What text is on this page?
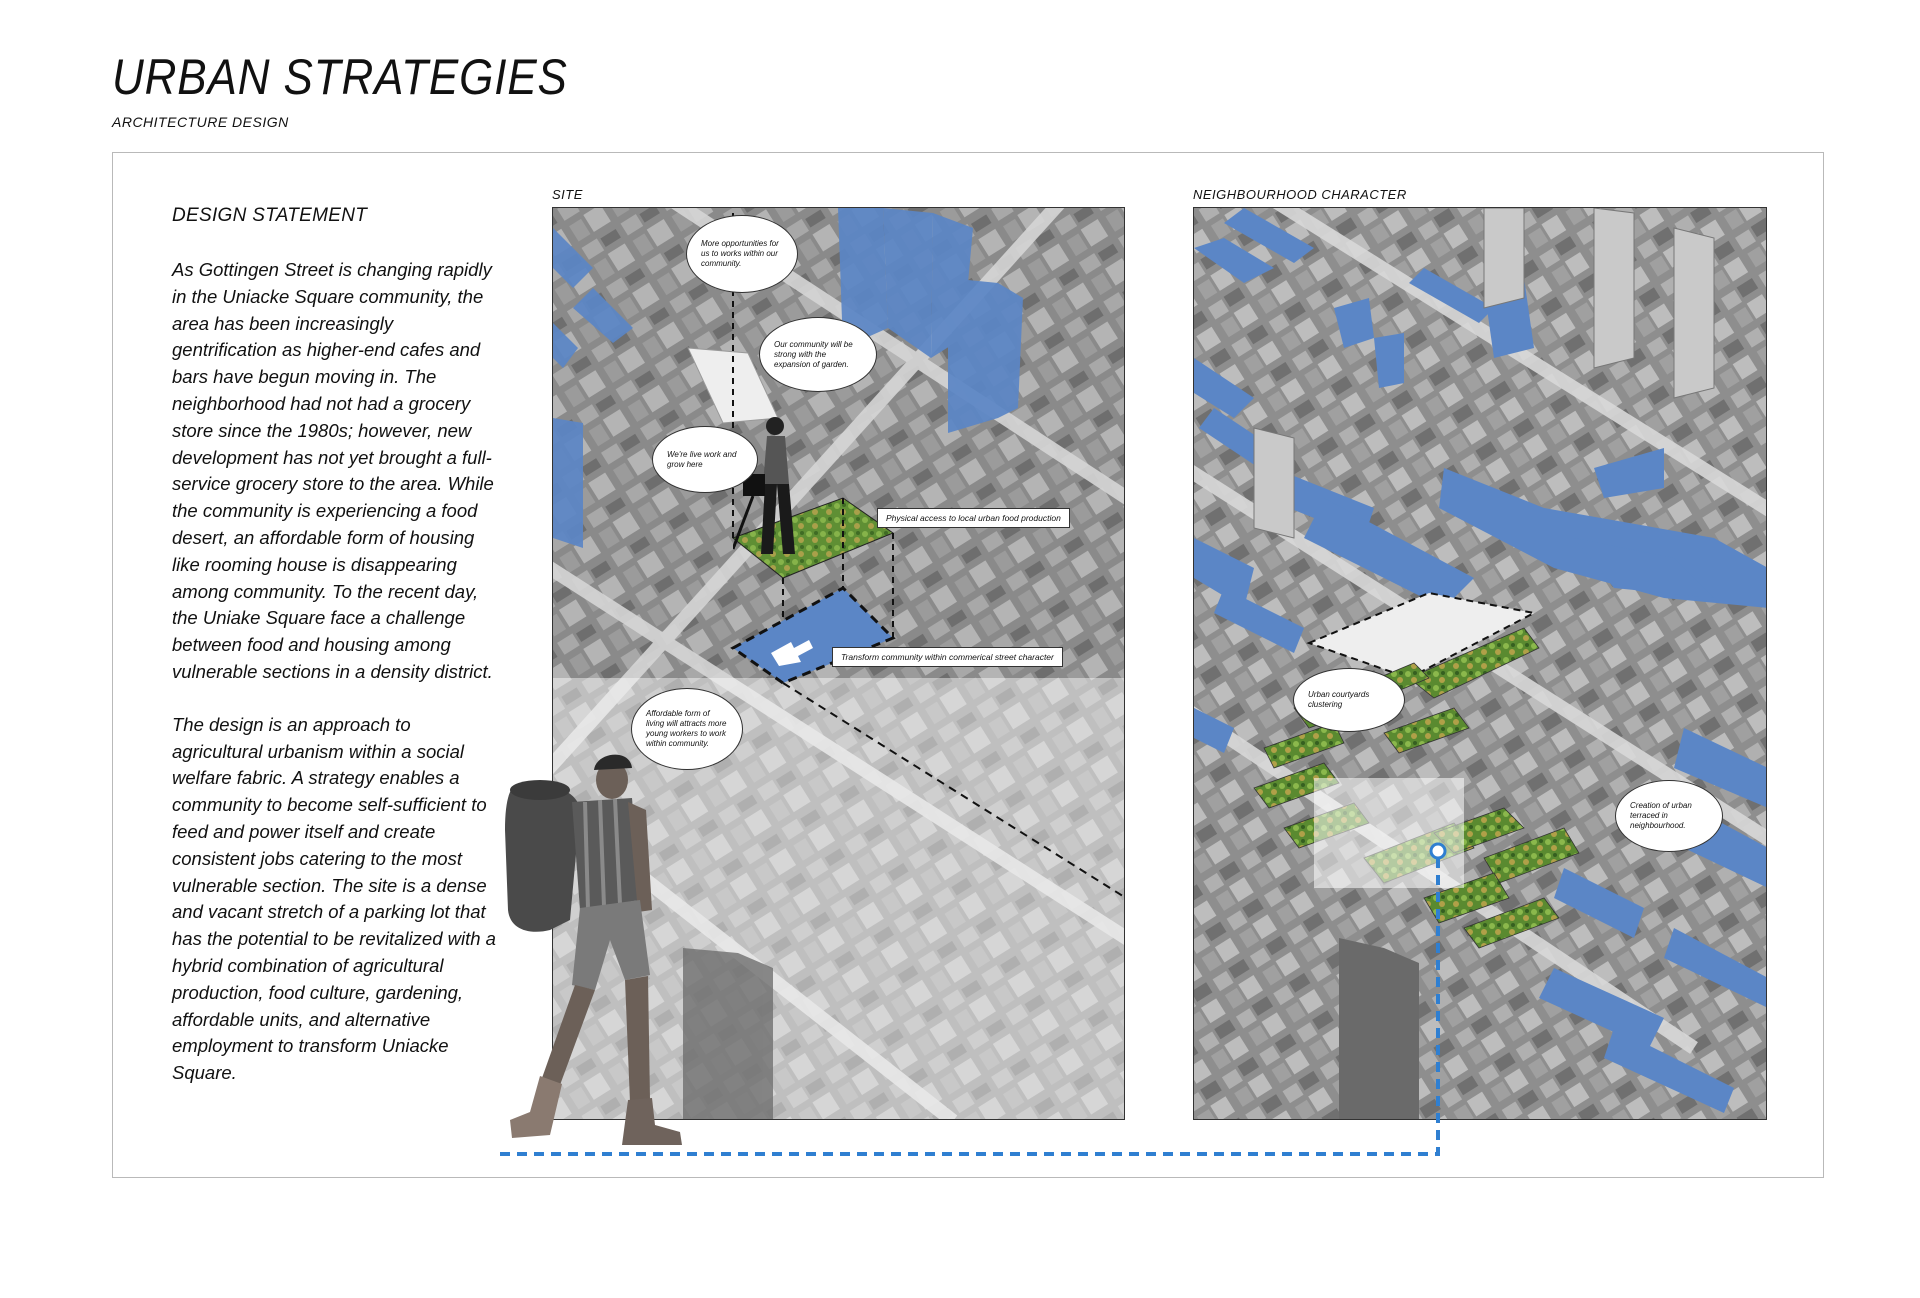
URBAN STRATEGIES
ARCHITECTURE DESIGN
DESIGN STATEMENT

As Gottingen Street is changing rapidly in the Uniacke Square community, the area has been increasingly gentrification as higher-end cafes and bars have begun moving in. The neighborhood had not had a grocery store since the 1980s; however, new development has not yet brought a full-service grocery store to the area. While the community is experiencing a food desert, an affordable form of housing like rooming house is disappearing among community. To the recent day, the Uniake Square face a challenge between food and housing among vulnerable sections in a density district.

The design is an approach to agricultural urbanism within a social welfare fabric. A strategy enables a community to become self-sufficient to feed and power itself and create consistent jobs catering to the most vulnerable section. The site is a dense and vacant stretch of a parking lot that has the potential to be revitalized with a hybrid combination of agricultural production, food culture, gardening, affordable units, and alternative employment to transform Uniacke Square.

SITE
More opportunities for us to works within our community.
Our community will be strong with the expansion of garden.
We're live work and grow here
Affordable form of living will attracts more young workers to work within community.
Physical access to local urban food production
Transform community within commerical street character
NEIGHBOURHOOD CHARACTER
Urban courtyards clustering
Creation of urban terraced in neighbourhood.
